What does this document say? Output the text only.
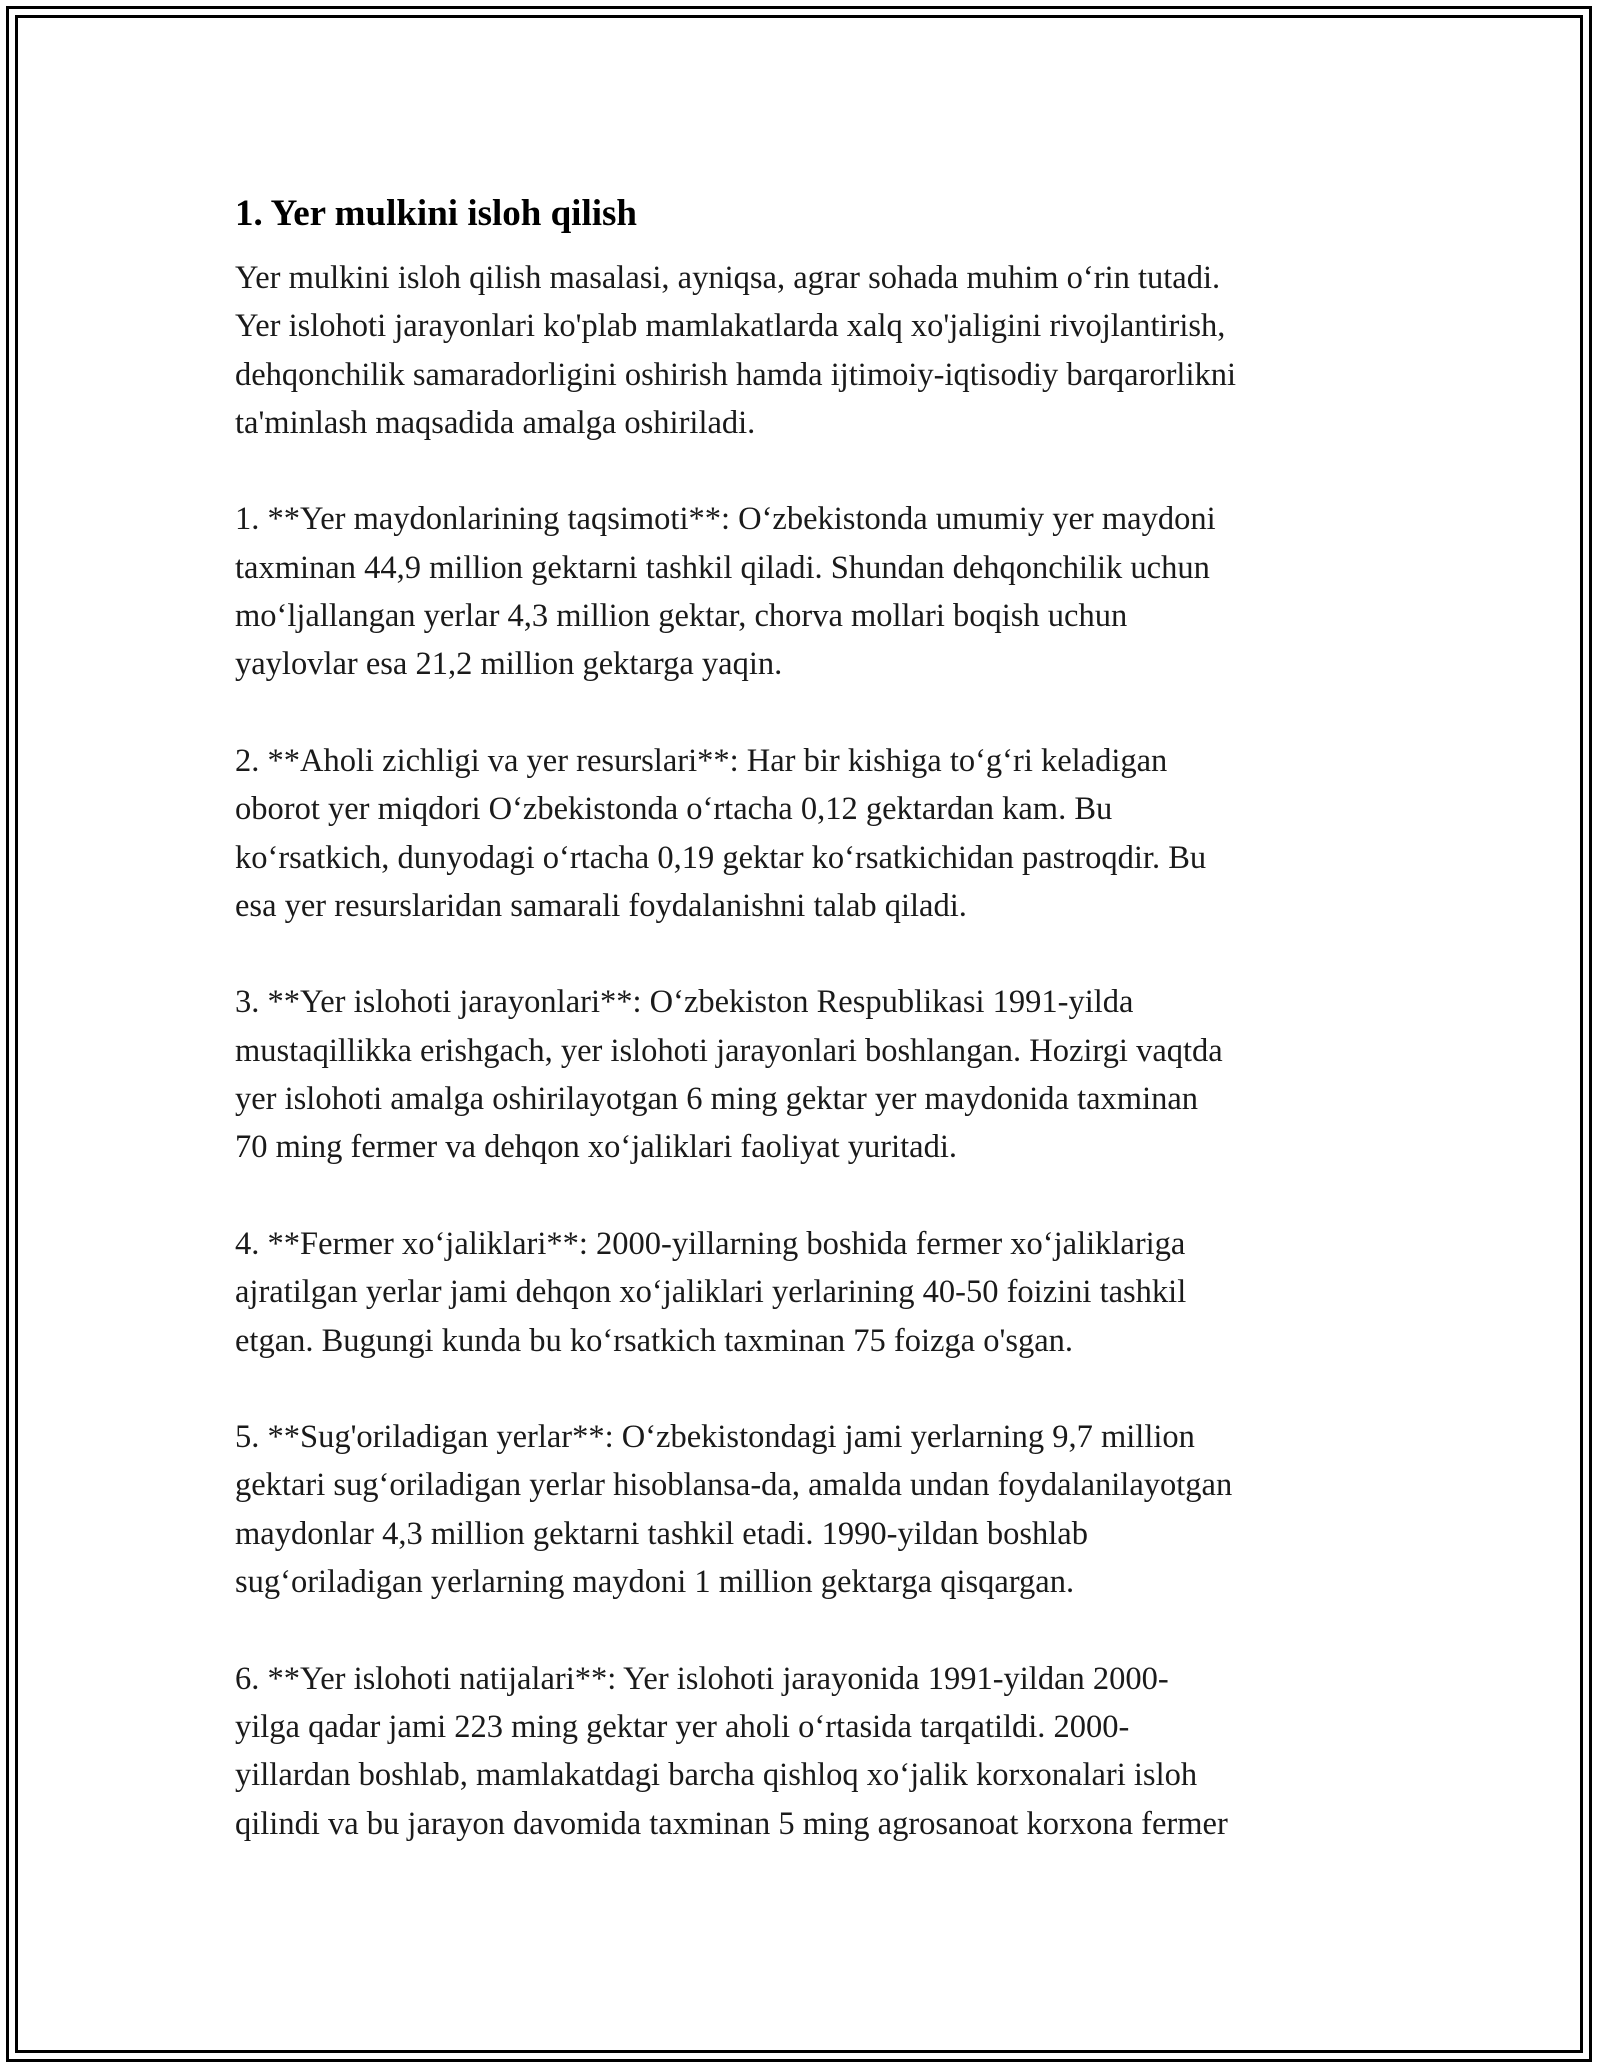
1. Yer mulkini isloh qilish

Yer mulkini isloh qilish masalasi, ayniqsa, agrar sohada muhim o‘rin tutadi.
Yer islohoti jarayonlari ko'plab mamlakatlarda xalq xo'jaligini rivojlantirish,
dehqonchilik samaradorligini oshirish hamda ijtimoiy-iqtisodiy barqarorlikni
ta'minlash maqsadida amalga oshiriladi.

1. **Yer maydonlarining taqsimoti**: O‘zbekistonda umumiy yer maydoni
taxminan 44,9 million gektarni tashkil qiladi. Shundan dehqonchilik uchun
mo‘ljallangan yerlar 4,3 million gektar, chorva mollari boqish uchun
yaylovlar esa 21,2 million gektarga yaqin.

2. **Aholi zichligi va yer resurslari**: Har bir kishiga to‘g‘ri keladigan
oborot yer miqdori O‘zbekistonda o‘rtacha 0,12 gektardan kam. Bu
ko‘rsatkich, dunyodagi o‘rtacha 0,19 gektar ko‘rsatkichidan pastroqdir. Bu
esa yer resurslaridan samarali foydalanishni talab qiladi.

3. **Yer islohoti jarayonlari**: O‘zbekiston Respublikasi 1991-yilda
mustaqillikka erishgach, yer islohoti jarayonlari boshlangan. Hozirgi vaqtda
yer islohoti amalga oshirilayotgan 6 ming gektar yer maydonida taxminan
70 ming fermer va dehqon xo‘jaliklari faoliyat yuritadi.

4. **Fermer xo‘jaliklari**: 2000-yillarning boshida fermer xo‘jaliklariga
ajratilgan yerlar jami dehqon xo‘jaliklari yerlarining 40-50 foizini tashkil
etgan. Bugungi kunda bu ko‘rsatkich taxminan 75 foizga o'sgan.

5. **Sug'oriladigan yerlar**: O‘zbekistondagi jami yerlarning 9,7 million
gektari sug‘oriladigan yerlar hisoblansa-da, amalda undan foydalanilayotgan
maydonlar 4,3 million gektarni tashkil etadi. 1990-yildan boshlab
sug‘oriladigan yerlarning maydoni 1 million gektarga qisqargan.

6. **Yer islohoti natijalari**: Yer islohoti jarayonida 1991-yildan 2000-
yilga qadar jami 223 ming gektar yer aholi o‘rtasida tarqatildi. 2000-
yillardan boshlab, mamlakatdagi barcha qishloq xo‘jalik korxonalari isloh
qilindi va bu jarayon davomida taxminan 5 ming agrosanoat korxona fermer
